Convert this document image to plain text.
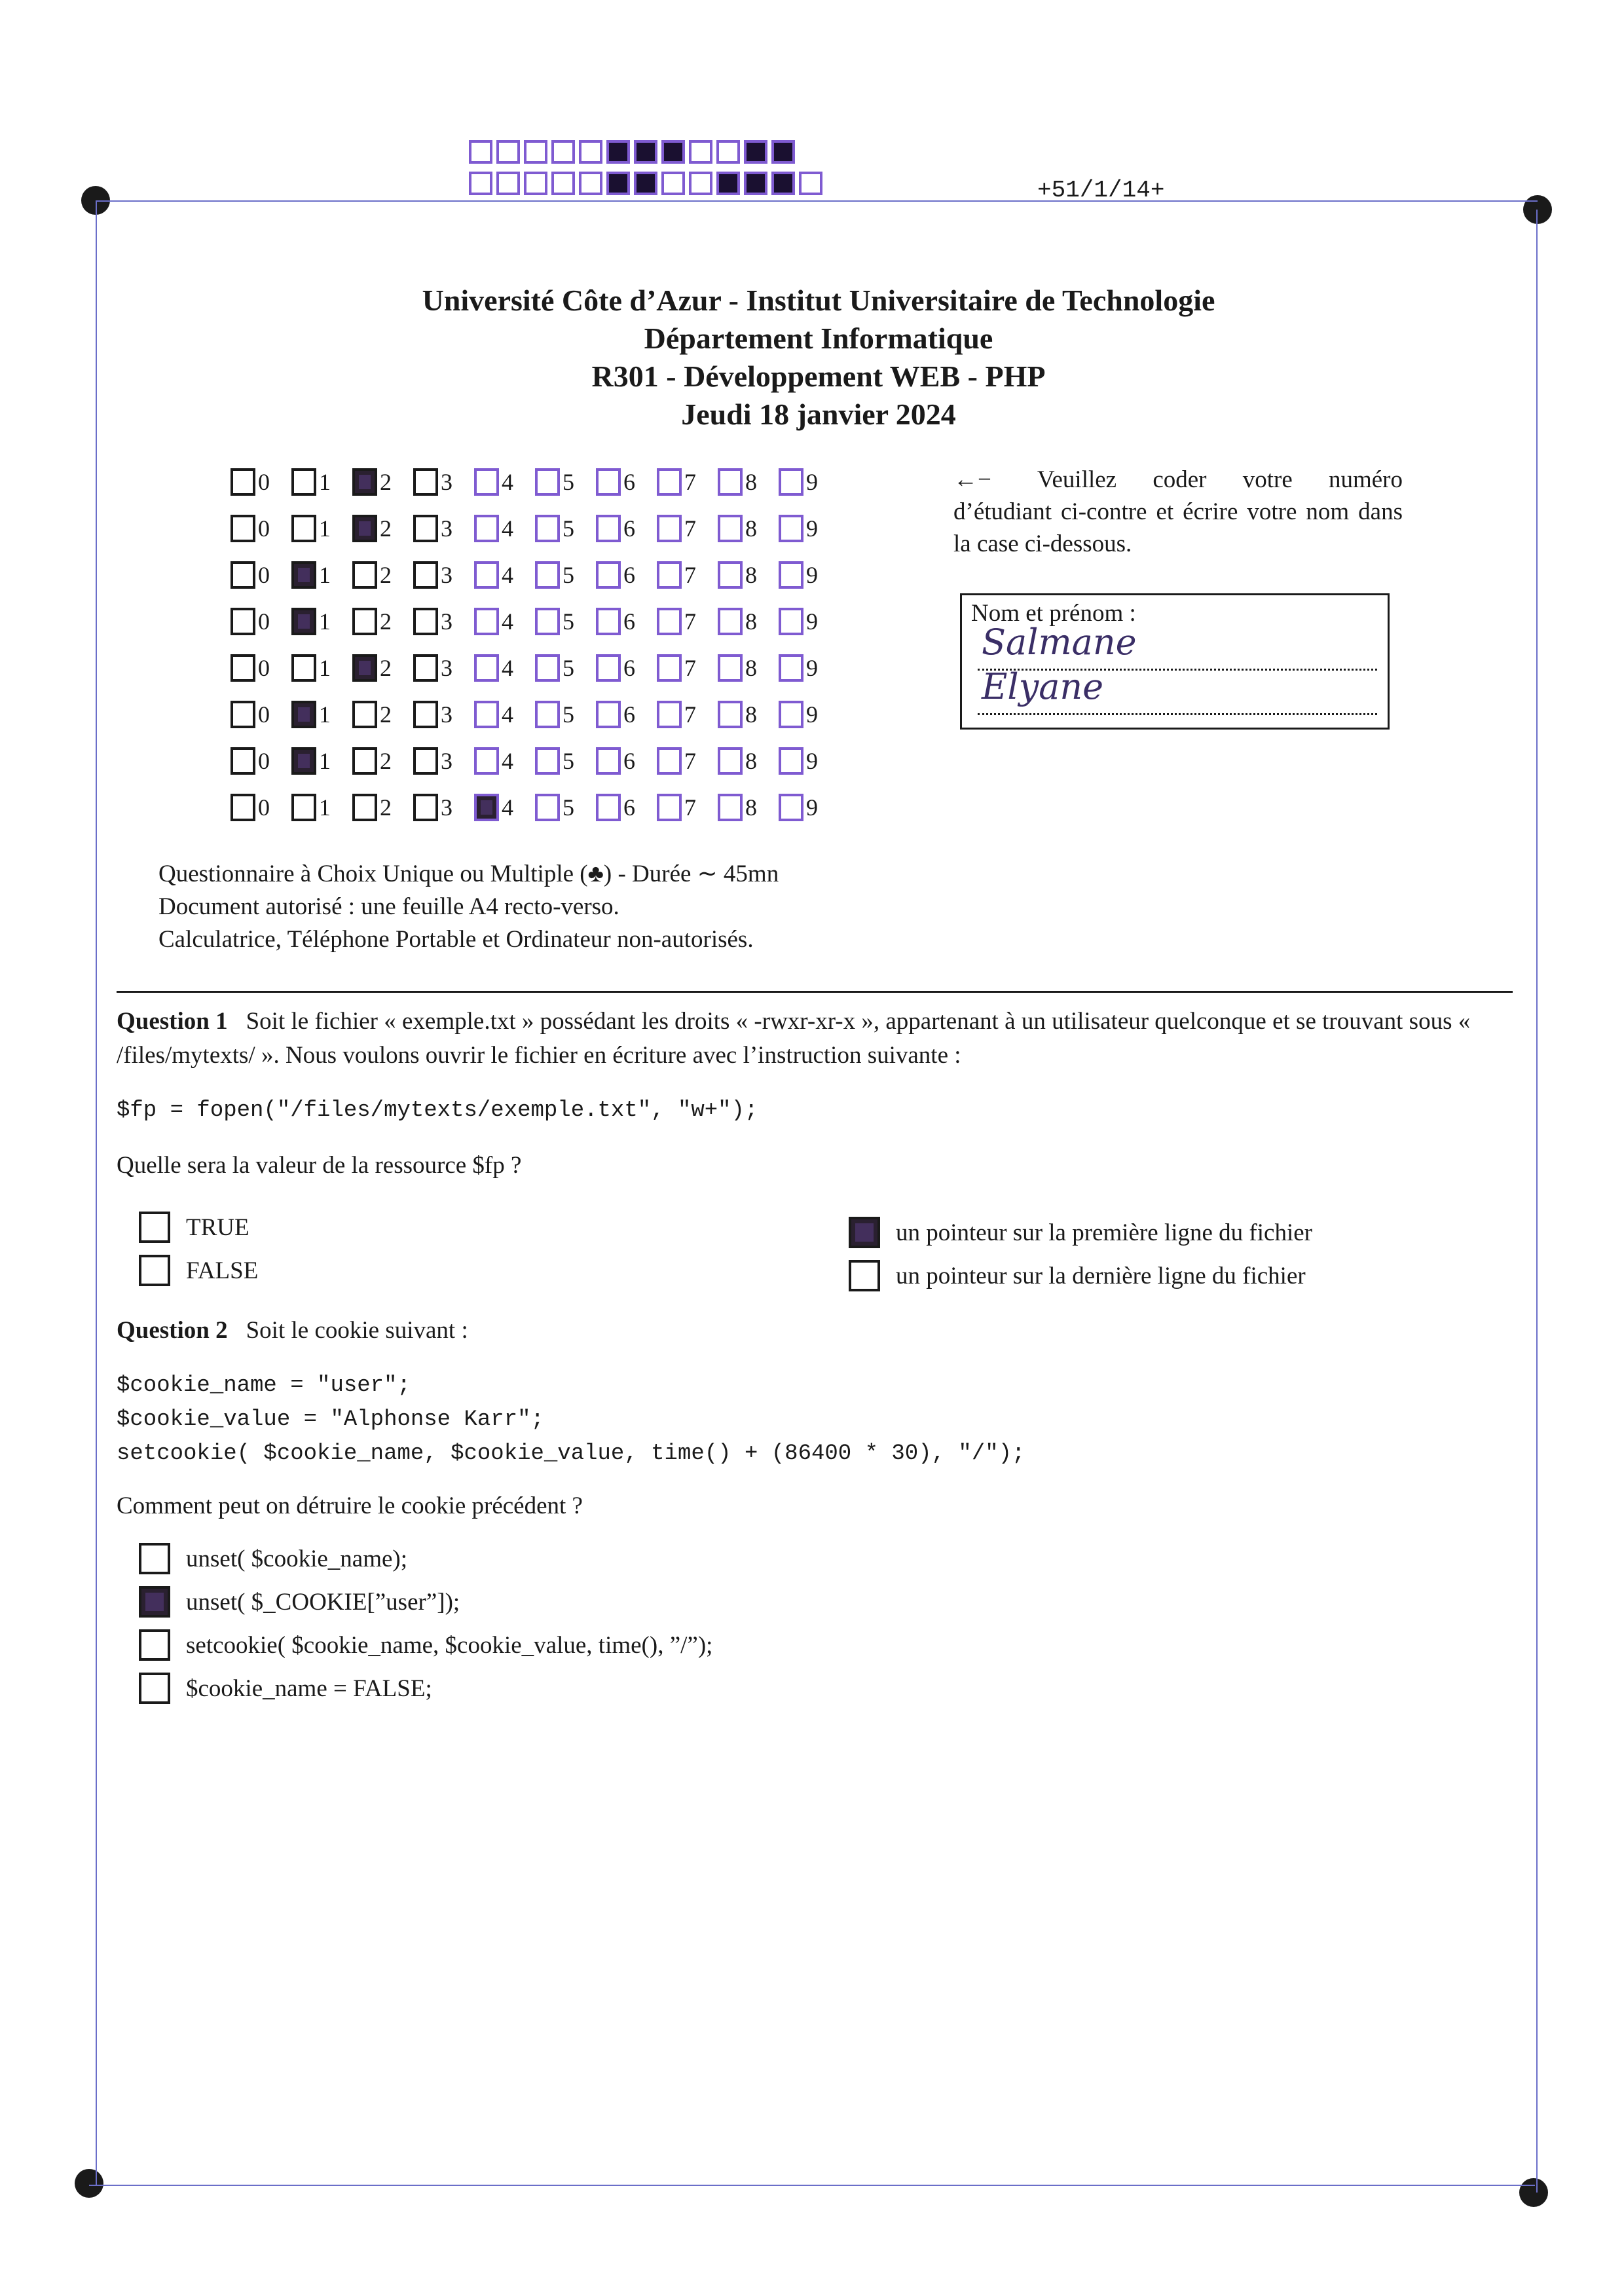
+51/1/14+
Université Côte d’Azur - Institut Universitaire de Technologie
Département Informatique
R301 - Développement WEB - PHP
Jeudi 18 janvier 2024
0 1 2 3 4 5 6 7 8 9
0 1 2 3 4 5 6 7 8 9
0 1 2 3 4 5 6 7 8 9
0 1 2 3 4 5 6 7 8 9
0 1 2 3 4 5 6 7 8 9
0 1 2 3 4 5 6 7 8 9
0 1 2 3 4 5 6 7 8 9
0 1 2 3 4 5 6 7 8 9
←− Veuillez coder votre numéro d’étudiant ci-contre et écrire votre nom dans la case ci-dessous.
Nom et prénom :
Salmane
Elyane
Questionnaire à Choix Unique ou Multiple (♣) - Durée ∼ 45mn
Document autorisé : une feuille A4 recto-verso.
Calculatrice, Téléphone Portable et Ordinateur non-autorisés.
Question 1 Soit le fichier « exemple.txt » possédant les droits « -rwxr-xr-x », appartenant à un utilisateur quelconque et se trouvant sous « /files/mytexts/ ». Nous voulons ouvrir le fichier en écriture avec l’instruction suivante :
$fp = fopen("/files/mytexts/exemple.txt", "w+");
Quelle sera la valeur de la ressource $fp ?
TRUE
FALSE
un pointeur sur la première ligne du fichier
un pointeur sur la dernière ligne du fichier
Question 2 Soit le cookie suivant :
$cookie_name = "user";
$cookie_value = "Alphonse Karr";
setcookie( $cookie_name, $cookie_value, time() + (86400 * 30), "/");
Comment peut on détruire le cookie précédent ?
unset( $cookie_name);
unset( $_COOKIE[”user”]);
setcookie( $cookie_name, $cookie_value, time(), ”/”);
$cookie_name = FALSE;
